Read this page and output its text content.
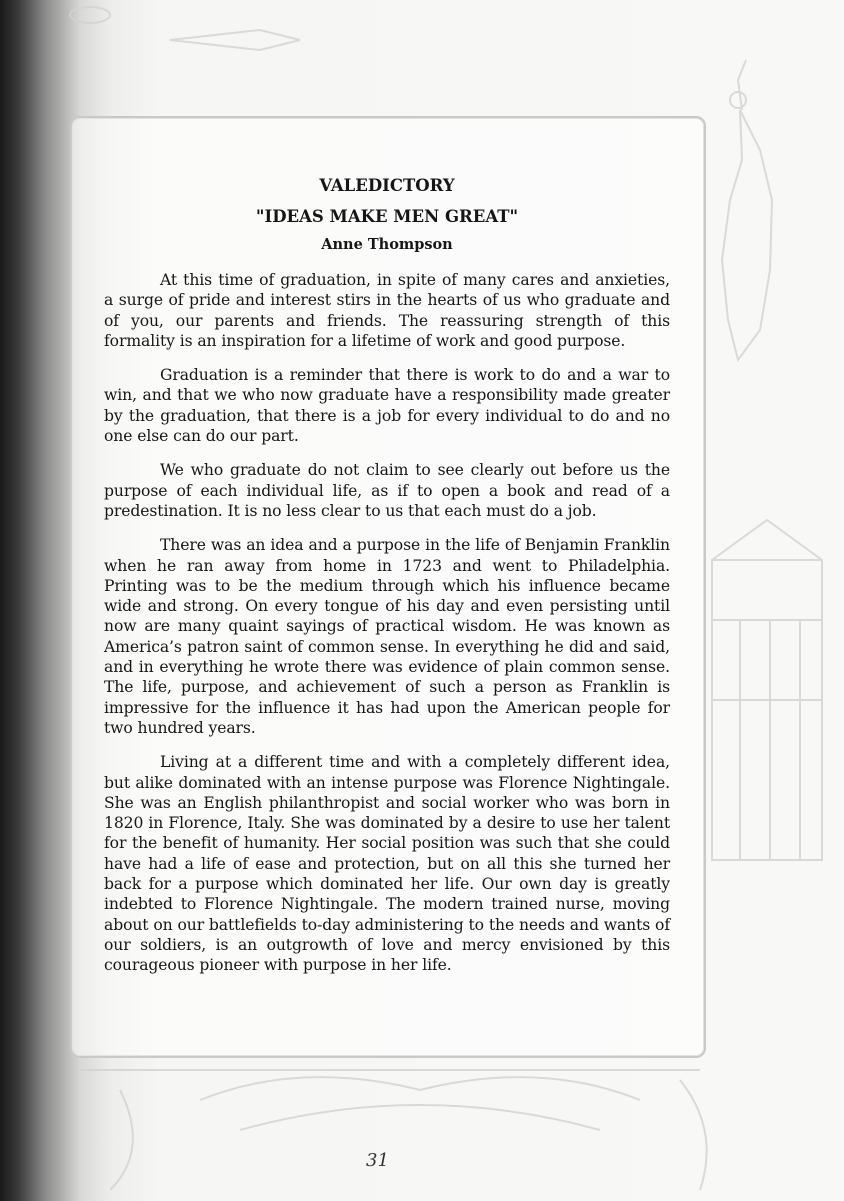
VALEDICTORY
"IDEAS MAKE MEN GREAT"
Anne Thompson

At this time of graduation, in spite of many cares and anxieties, a surge of pride and interest stirs in the hearts of us who graduate and of you, our parents and friends. The reassuring strength of this formality is an inspiration for a lifetime of work and good purpose.

Graduation is a reminder that there is work to do and a war to win, and that we who now graduate have a responsibility made greater by the graduation, that there is a job for every individual to do and no one else can do our part.

We who graduate do not claim to see clearly out before us the purpose of each individual life, as if to open a book and read of a predestination. It is no less clear to us that each must do a job.

There was an idea and a purpose in the life of Benjamin Franklin when he ran away from home in 1723 and went to Philadelphia. Printing was to be the medium through which his influence became wide and strong. On every tongue of his day and even persisting until now are many quaint sayings of practical wisdom. He was known as America’s patron saint of common sense. In everything he did and said, and in everything he wrote there was evidence of plain common sense. The life, purpose, and achievement of such a person as Franklin is impressive for the influence it has had upon the American people for two hundred years.

Living at a different time and with a completely different idea, but alike dominated with an intense purpose was Florence Nightingale. She was an English philanthropist and social worker who was born in 1820 in Florence, Italy. She was dominated by a desire to use her talent for the benefit of humanity. Her social position was such that she could have had a life of ease and protection, but on all this she turned her back for a purpose which dominated her life. Our own day is greatly indebted to Florence Nightingale. The modern trained nurse, moving about on our battlefields to-day administering to the needs and wants of our soldiers, is an outgrowth of love and mercy envisioned by this courageous pioneer with purpose in her life.

31
